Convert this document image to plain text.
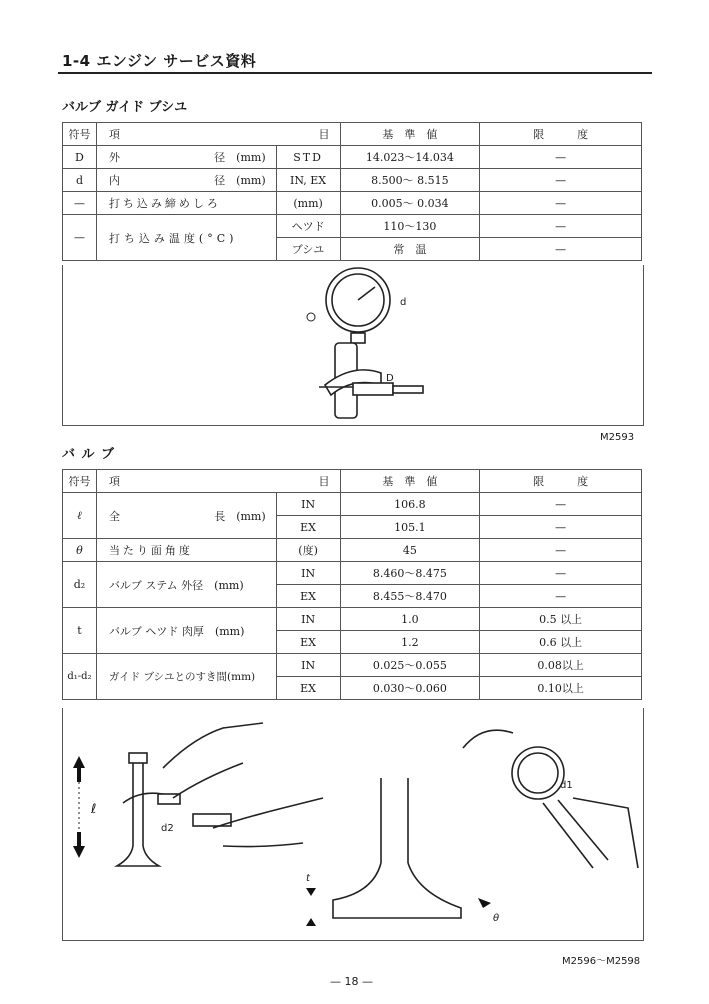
1-4 エンジン サービス資料
バルブ ガイド ブシユ
符号	項 目		基　準　値	限　　　度
D	外 径　 (mm)	STD	14.023～14.034	—
d	内 径　 (mm)	IN, EX	8.500～ 8.515	—
—	打ち込み締めしろ	(mm)	0.005～ 0.034	—
—	打ち込み温度(°C)	ヘツド	110～130	—
		ブシユ	常　温	—
d
D
M2593
バ ル ブ
符号	項 目		基　準　値	限　　　度
ℓ	全 長　 (mm)	IN	106.8	—
		EX	105.1	—
θ	当たり面角度	(度)	45	—
d₂	バルブ ステム 外径　 (mm)	IN	8.460～8.475	—
		EX	8.455～8.470	—
t	バルブ ヘツド 肉厚　 (mm)	IN	1.0	0.5 以上
		EX	1.2	0.6 以上
d₁-d₂	ガイド ブシユとのすき間(mm)	IN	0.025～0.055	0.08以上
		EX	0.030～0.060	0.10以上
ℓ
d2
t
θ
d1
M2596～M2598
— 18 —
